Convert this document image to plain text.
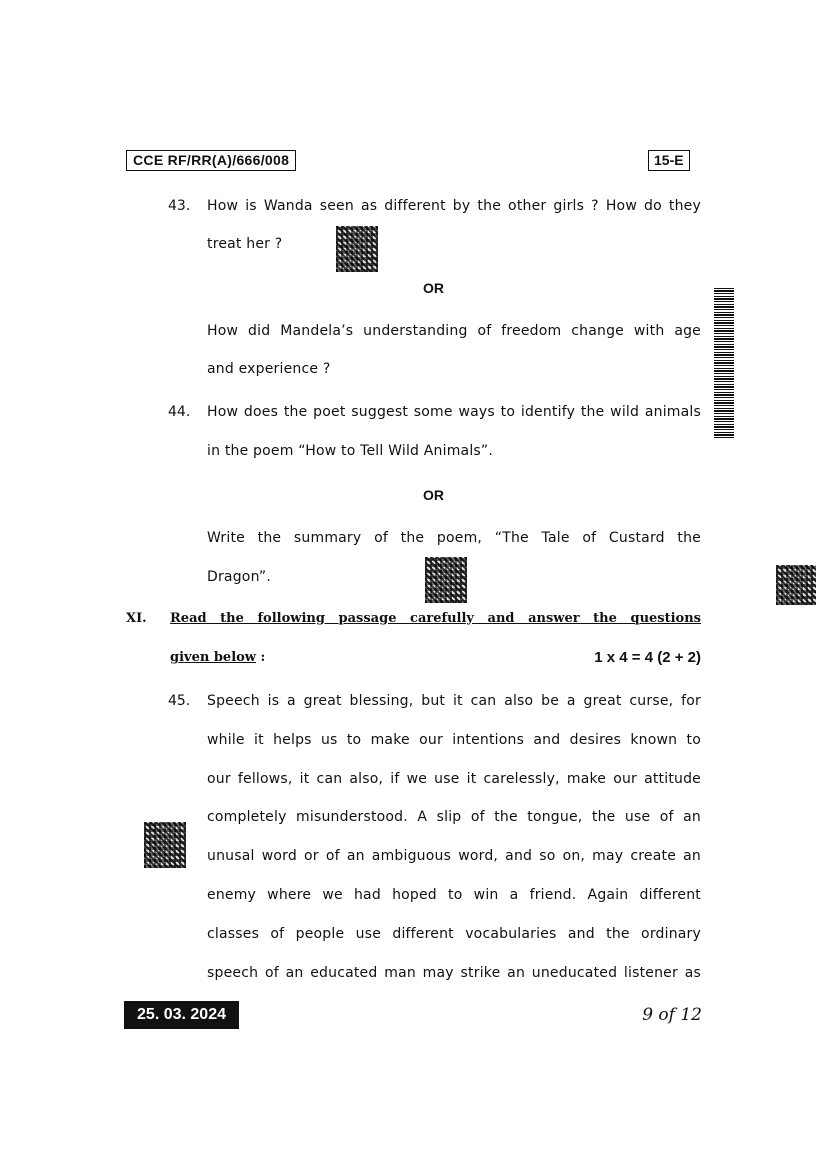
CCE RF/RR(A)/666/008	15-E
43. How is Wanda seen as different by the other girls ? How do they
treat her ?
OR
How did Mandela’s understanding of freedom change with age
and experience ?
44. How does the poet suggest some ways to identify the wild animals
in the poem “How to Tell Wild Animals”.
OR
Write the summary of the poem, “The Tale of Custard the
Dragon”.
XI. Read the following passage carefully and answer the questions
given below :	1 x 4 = 4 (2 + 2)
45. Speech is a great blessing, but it can also be a great curse, for
while it helps us to make our intentions and desires known to
our fellows, it can also, if we use it carelessly, make our attitude
completely misunderstood. A slip of the tongue, the use of an
unusal word or of an ambiguous word, and so on, may create an
enemy where we had hoped to win a friend. Again different
classes of people use different vocabularies and the ordinary
speech of an educated man may strike an uneducated listener as
25. 03. 2024	9 of 12
